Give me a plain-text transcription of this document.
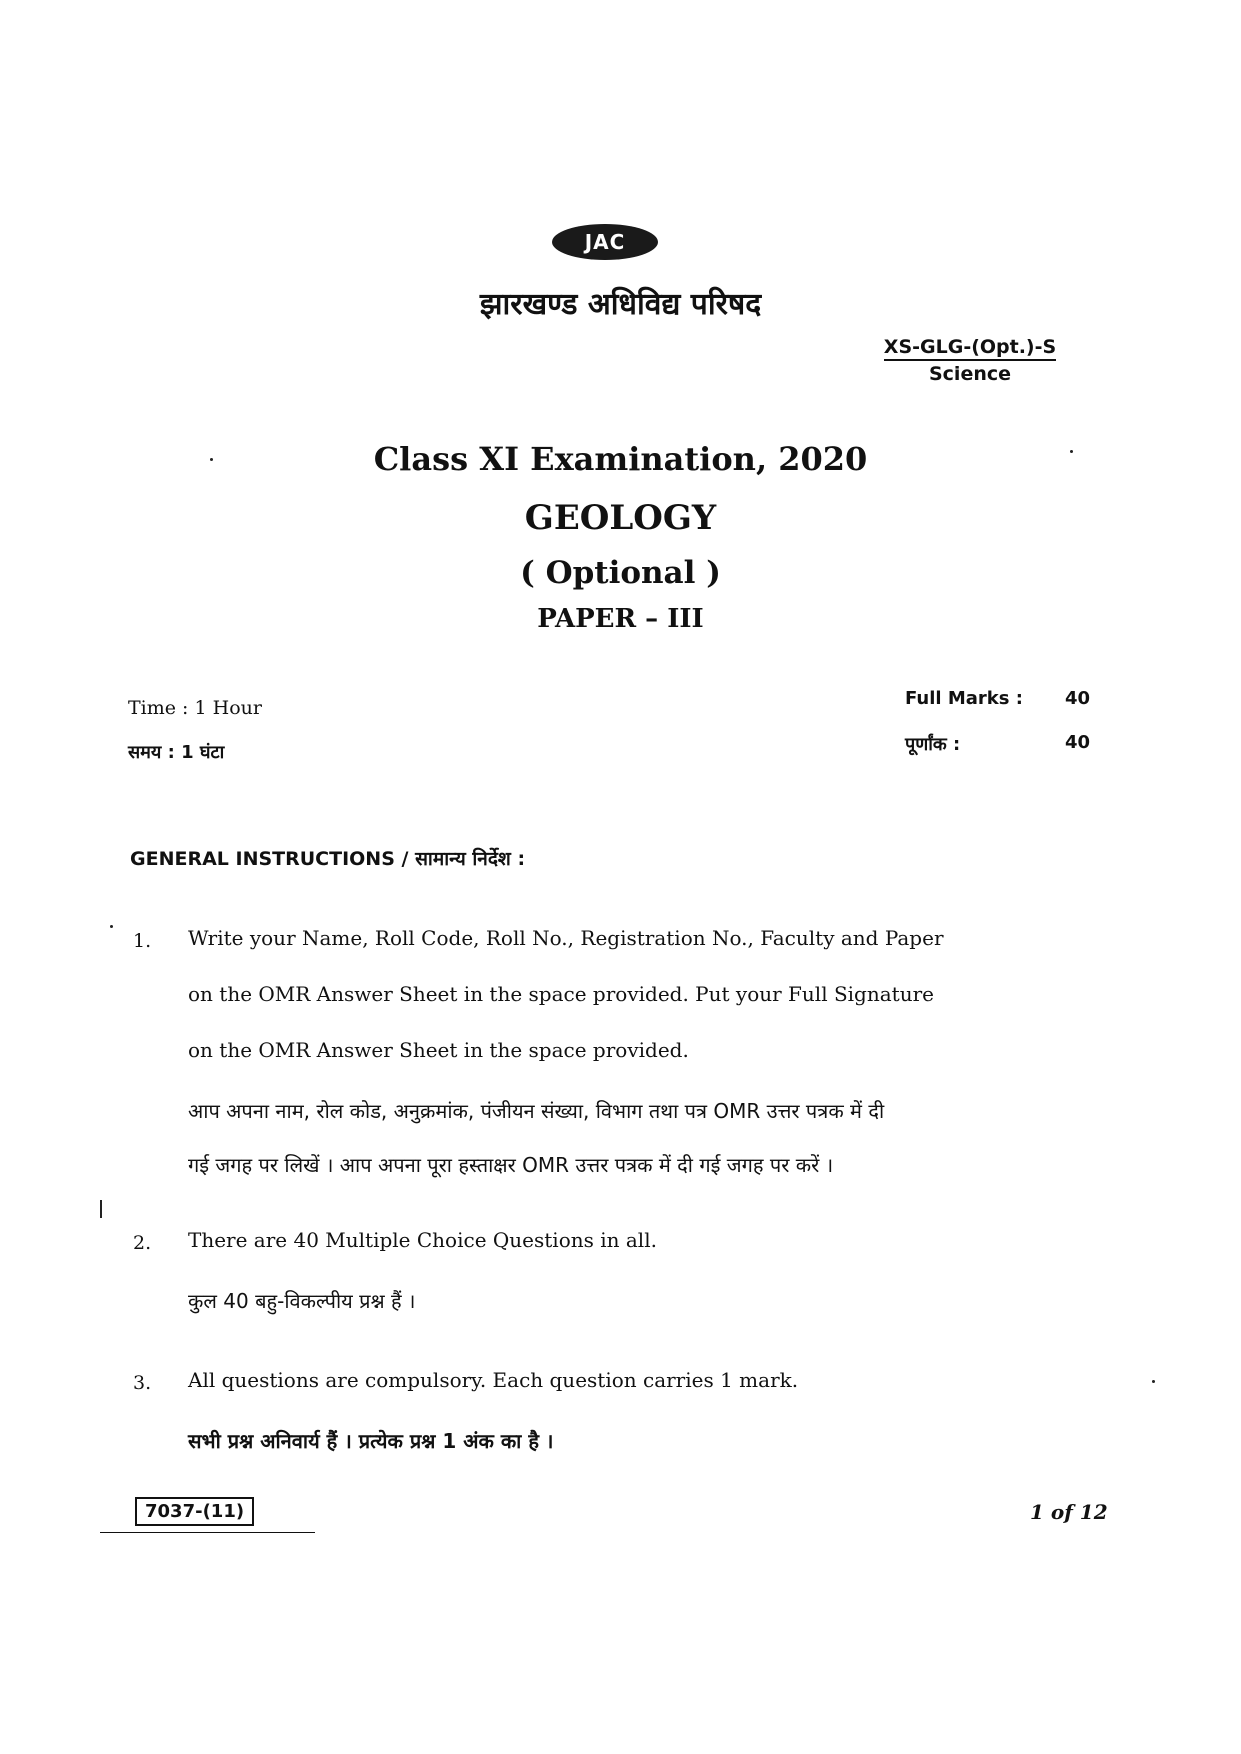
JAC
झारखण्ड अधिविद्य परिषद
XS-GLG-(Opt.)-S
Science
Class XI Examination, 2020
GEOLOGY
( Optional )
PAPER – III
Time : 1 Hour
समय : 1 घंटा
Full Marks : 40
पूर्णांक :	40
GENERAL INSTRUCTIONS / सामान्य निर्देश :
1. Write your Name, Roll Code, Roll No., Registration No., Faculty and Paper
on the OMR Answer Sheet in the space provided. Put your Full Signature
on the OMR Answer Sheet in the space provided.
आप अपना नाम, रोल कोड, अनुक्रमांक, पंजीयन संख्या, विभाग तथा पत्र OMR उत्तर पत्रक में दी
गई जगह पर लिखें । आप अपना पूरा हस्ताक्षर OMR उत्तर पत्रक में दी गई जगह पर करें ।
2. There are 40 Multiple Choice Questions in all.
कुल 40 बहु-विकल्पीय प्रश्न हैं ।
3. All questions are compulsory. Each question carries 1 mark.
सभी प्रश्न अनिवार्य हैं । प्रत्येक प्रश्न 1 अंक का है ।
7037-(11)	1 of 12
